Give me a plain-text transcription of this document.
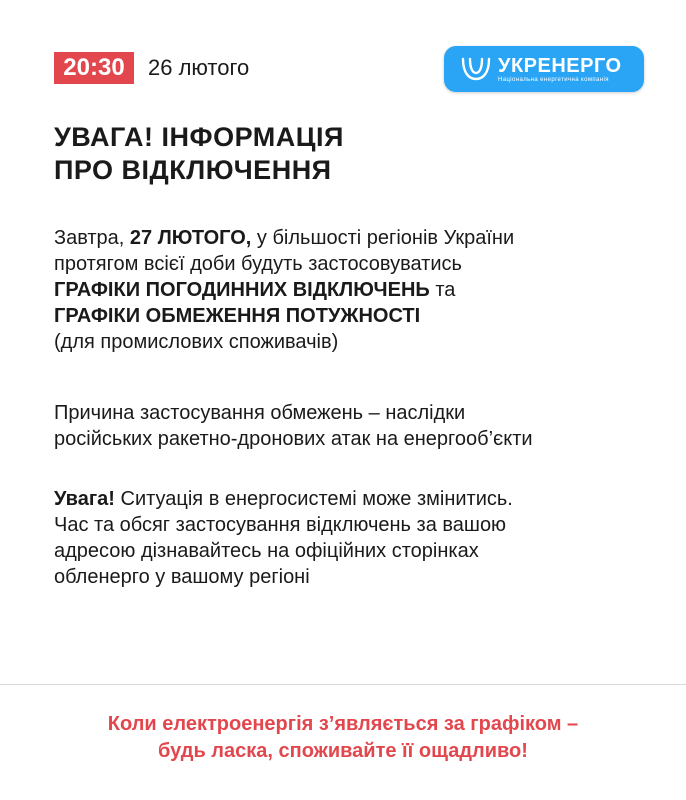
20:30	26 лютого	УКРЕНЕРГО
Національна енергетична компанія
УВАГА! ІНФОРМАЦІЯ
ПРО ВІДКЛЮЧЕННЯ

Завтра, 27 ЛЮТОГО, у більшості регіонів України
протягом всієї доби будуть застосовуватись
ГРАФІКИ ПОГОДИННИХ ВІДКЛЮЧЕНЬ та
ГРАФІКИ ОБМЕЖЕННЯ ПОТУЖНОСТІ
(для промислових споживачів)

Причина застосування обмежень – наслідки
російських ракетно-дронових атак на енергооб’єкти

Увага! Ситуація в енергосистемі може змінитись.
Час та обсяг застосування відключень за вашою
адресою дізнавайтесь на офіційних сторінках
обленерго у вашому регіоні

Коли електроенергія з’являється за графіком –
будь ласка, споживайте її ощадливо!
